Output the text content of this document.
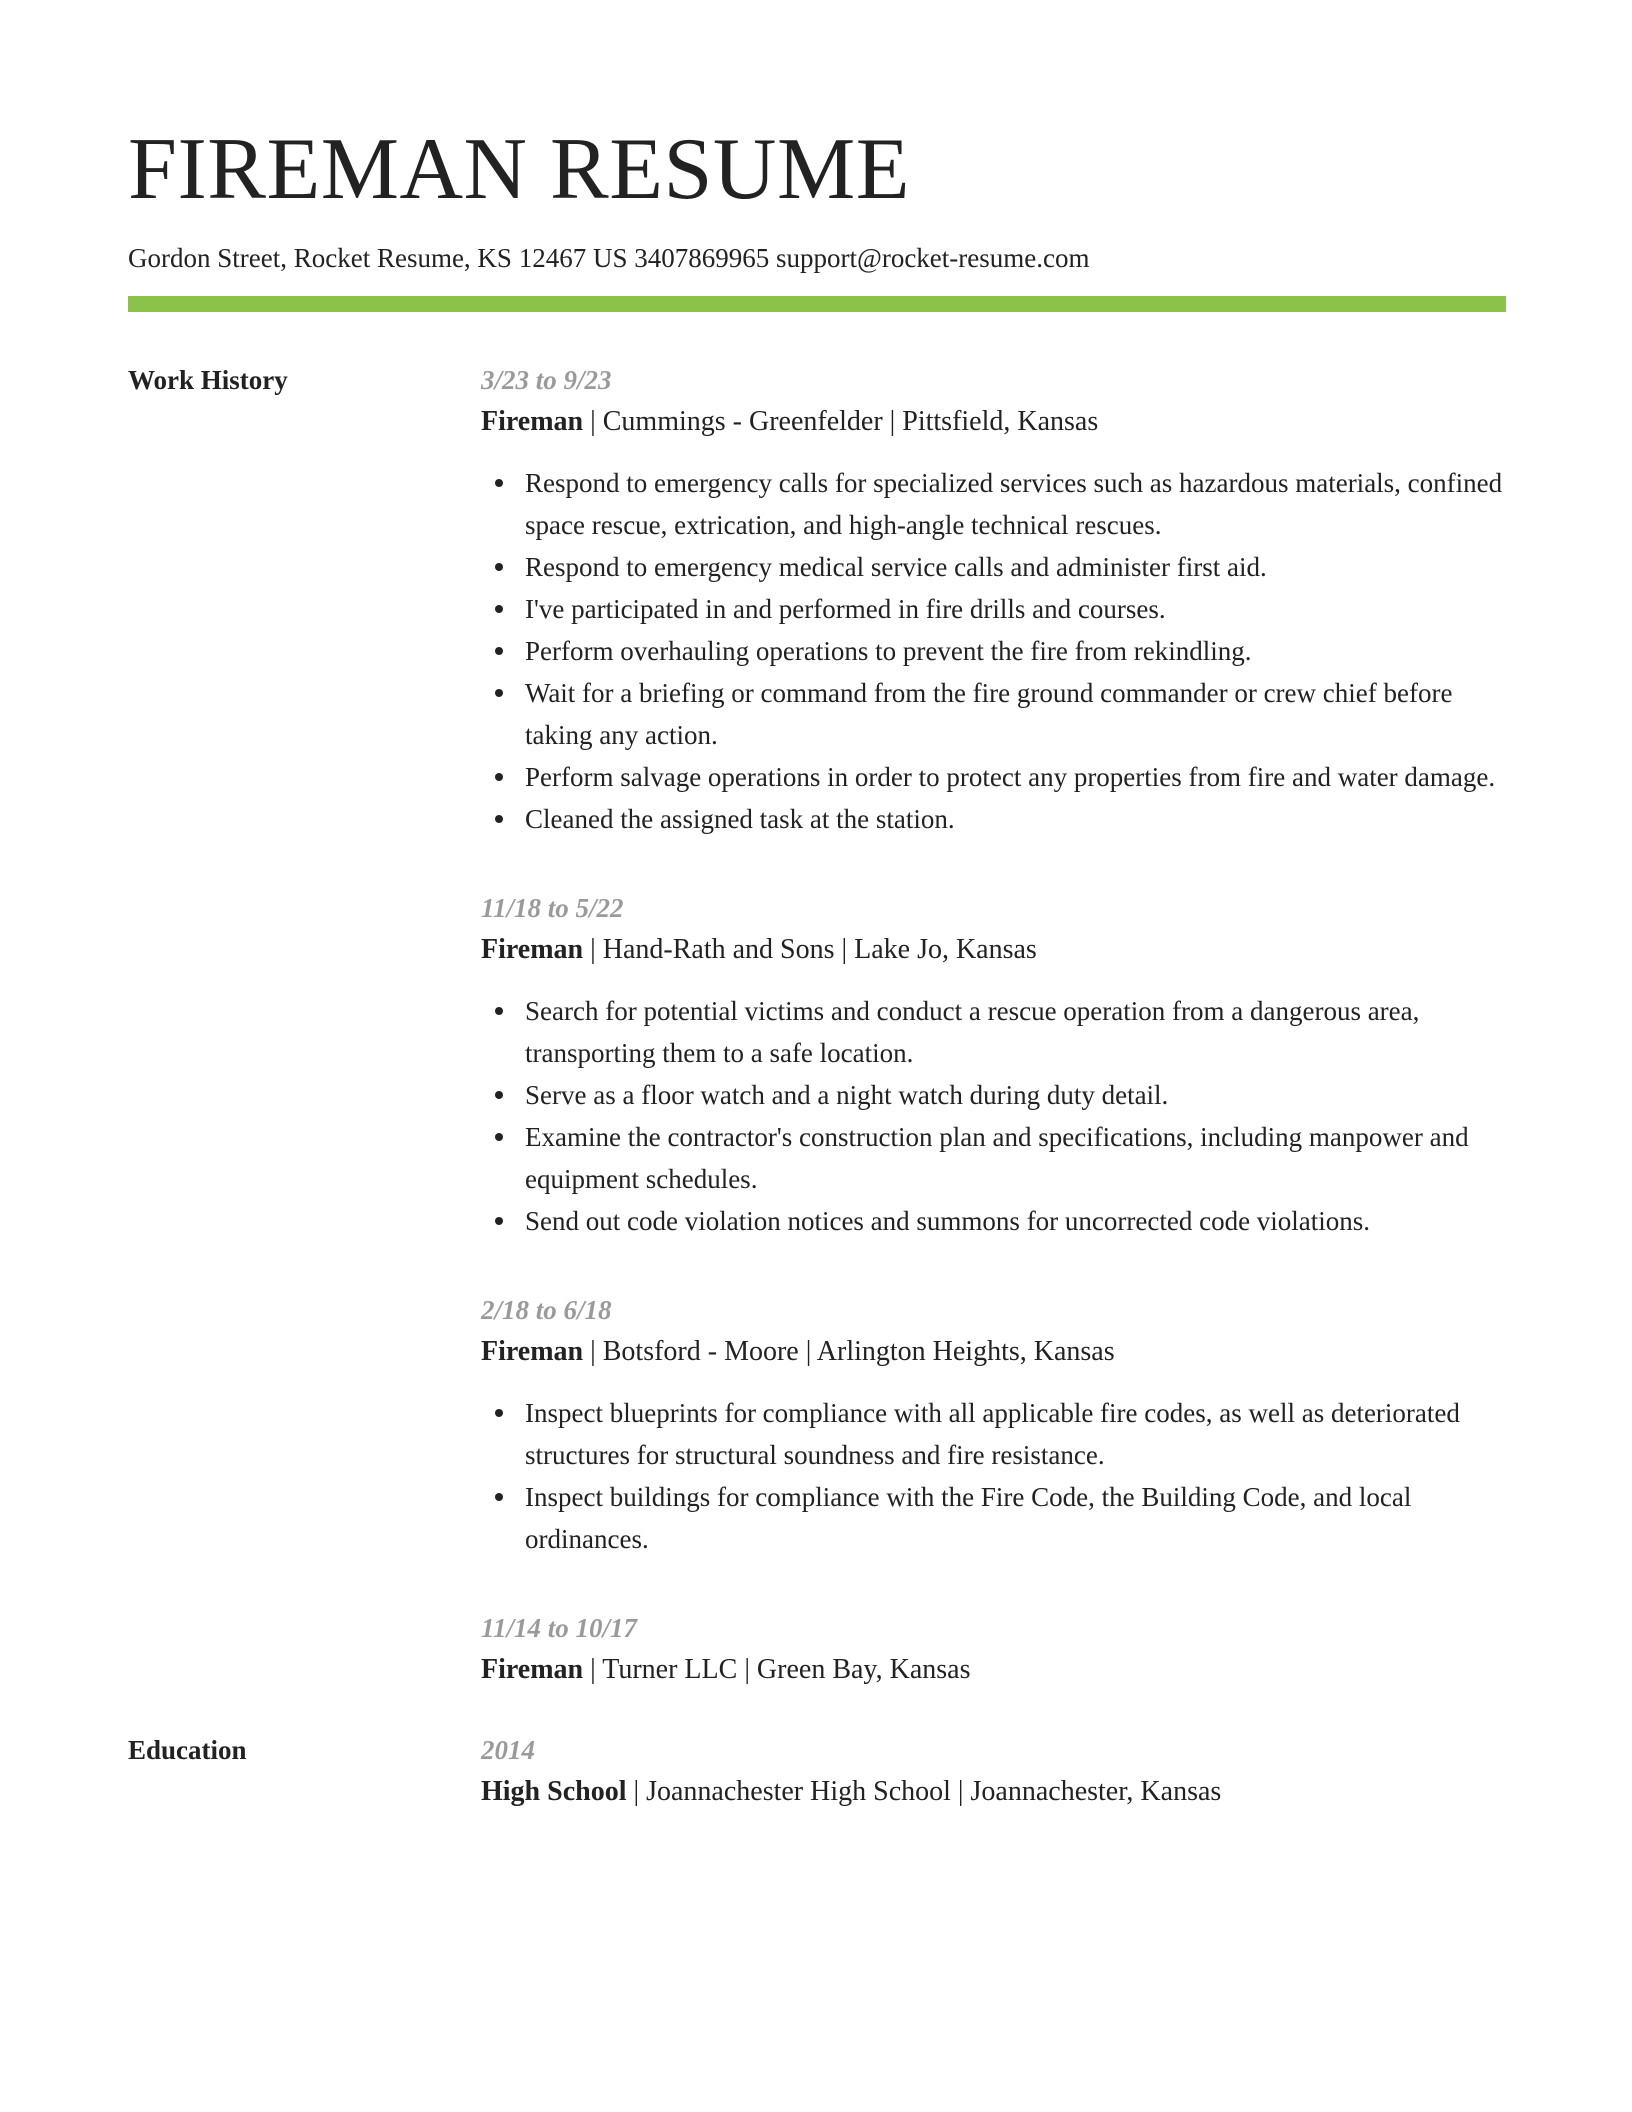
FIREMAN RESUME
Gordon Street, Rocket Resume, KS 12467 US 3407869965 support@rocket-resume.com
Work History	3/23 to 9/23
Fireman | Cummings - Greenfelder | Pittsfield, Kansas
Respond to emergency calls for specialized services such as hazardous materials, confined space rescue, extrication, and high-angle technical rescues.
Respond to emergency medical service calls and administer first aid.
I've participated in and performed in fire drills and courses.
Perform overhauling operations to prevent the fire from rekindling.
Wait for a briefing or command from the fire ground commander or crew chief before taking any action.
Perform salvage operations in order to protect any properties from fire and water damage.
Cleaned the assigned task at the station.
11/18 to 5/22
Fireman | Hand-Rath and Sons | Lake Jo, Kansas
Search for potential victims and conduct a rescue operation from a dangerous area, transporting them to a safe location.
Serve as a floor watch and a night watch during duty detail.
Examine the contractor's construction plan and specifications, including manpower and equipment schedules.
Send out code violation notices and summons for uncorrected code violations.
2/18 to 6/18
Fireman | Botsford - Moore | Arlington Heights, Kansas
Inspect blueprints for compliance with all applicable fire codes, as well as deteriorated structures for structural soundness and fire resistance.
Inspect buildings for compliance with the Fire Code, the Building Code, and local ordinances.
11/14 to 10/17
Fireman | Turner LLC | Green Bay, Kansas
Education	2014
High School | Joannachester High School | Joannachester, Kansas
